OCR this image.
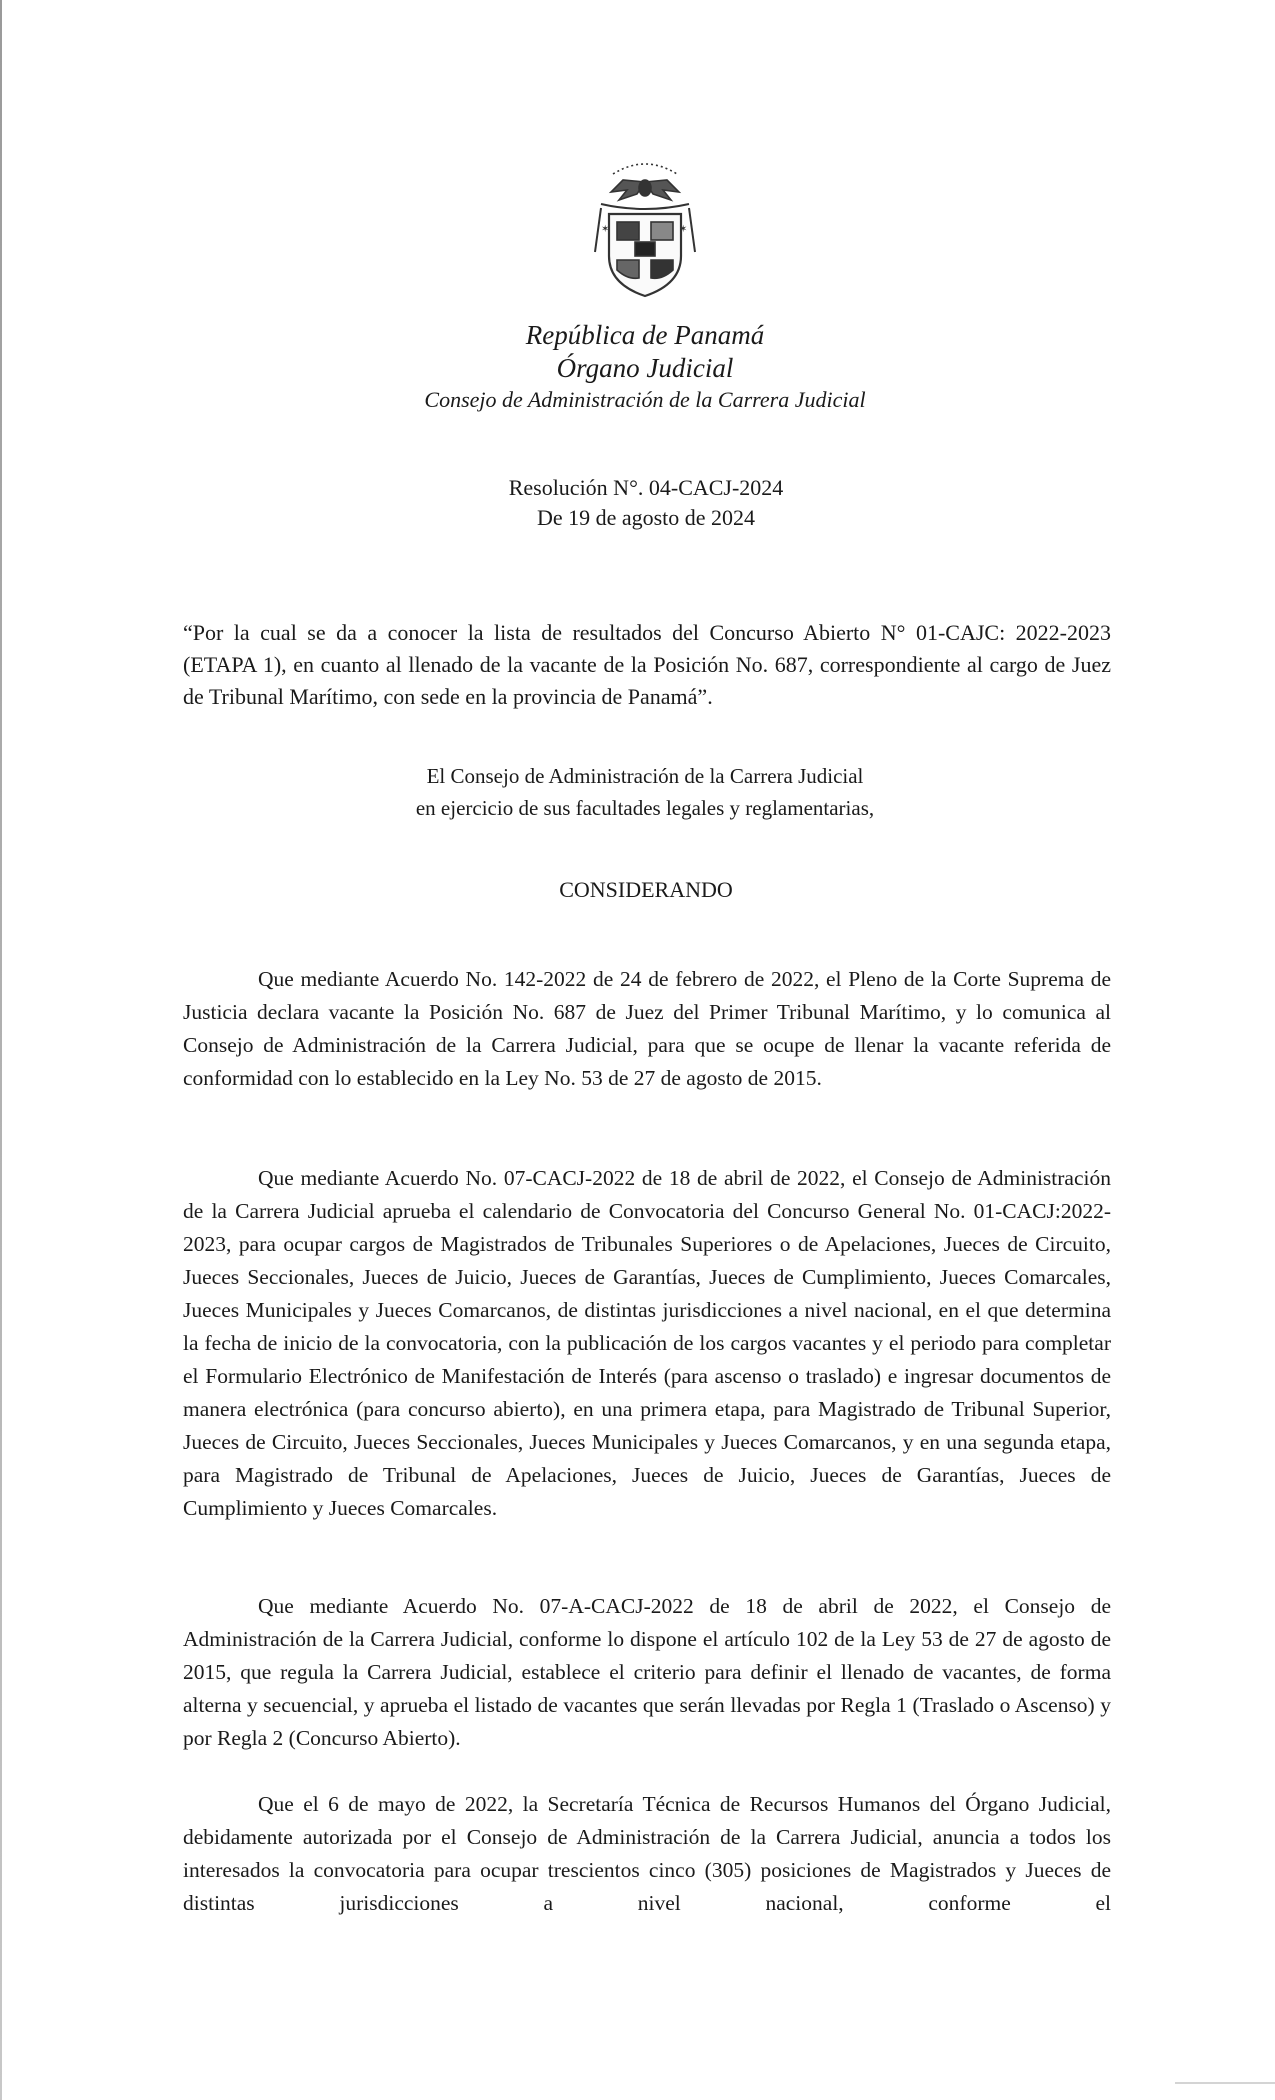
✶	✶
República de Panamá
Órgano Judicial
Consejo de Administración de la Carrera Judicial
Resolución N°. 04-CACJ-2024
De 19 de agosto de 2024
“Por la cual se da a conocer la lista de resultados del Concurso Abierto N° 01-CAJC: 2022-2023 (ETAPA 1), en cuanto al llenado de la vacante de la Posición No. 687, correspondiente al cargo de Juez de Tribunal Marítimo, con sede en la provincia de Panamá”.
El Consejo de Administración de la Carrera Judicial
en ejercicio de sus facultades legales y reglamentarias,
CONSIDERANDO

Que mediante Acuerdo No. 142-2022 de 24 de febrero de 2022, el Pleno de la Corte Suprema de Justicia declara vacante la Posición No. 687 de Juez del Primer Tribunal Marítimo, y lo comunica al Consejo de Administración de la Carrera Judicial, para que se ocupe de llenar la vacante referida de conformidad con lo establecido en la Ley No. 53 de 27 de agosto de 2015.

Que mediante Acuerdo No. 07-CACJ-2022 de 18 de abril de 2022, el Consejo de Administración de la Carrera Judicial aprueba el calendario de Convocatoria del Concurso General No. 01-CACJ:2022-2023, para ocupar cargos de Magistrados de Tribunales Superiores o de Apelaciones, Jueces de Circuito, Jueces Seccionales, Jueces de Juicio, Jueces de Garantías, Jueces de Cumplimiento, Jueces Comarcales, Jueces Municipales y Jueces Comarcanos, de distintas jurisdicciones a nivel nacional, en el que determina la fecha de inicio de la convocatoria, con la publicación de los cargos vacantes y el periodo para completar el Formulario Electrónico de Manifestación de Interés (para ascenso o traslado) e ingresar documentos de manera electrónica (para concurso abierto), en una primera etapa, para Magistrado de Tribunal Superior, Jueces de Circuito, Jueces Seccionales, Jueces Municipales y Jueces Comarcanos, y en una segunda etapa, para Magistrado de Tribunal de Apelaciones, Jueces de Juicio, Jueces de Garantías, Jueces de Cumplimiento y Jueces Comarcales.

Que mediante Acuerdo No. 07-A-CACJ-2022 de 18 de abril de 2022, el Consejo de Administración de la Carrera Judicial, conforme lo dispone el artículo 102 de la Ley 53 de 27 de agosto de 2015, que regula la Carrera Judicial, establece el criterio para definir el llenado de vacantes, de forma alterna y secuencial, y aprueba el listado de vacantes que serán llevadas por Regla 1 (Traslado o Ascenso) y por Regla 2 (Concurso Abierto).

Que el 6 de mayo de 2022, la Secretaría Técnica de Recursos Humanos del Órgano Judicial, debidamente autorizada por el Consejo de Administración de la Carrera Judicial, anuncia a todos los interesados la convocatoria para ocupar trescientos cinco (305) posiciones de Magistrados y Jueces de distintas jurisdicciones a nivel nacional, conforme el
